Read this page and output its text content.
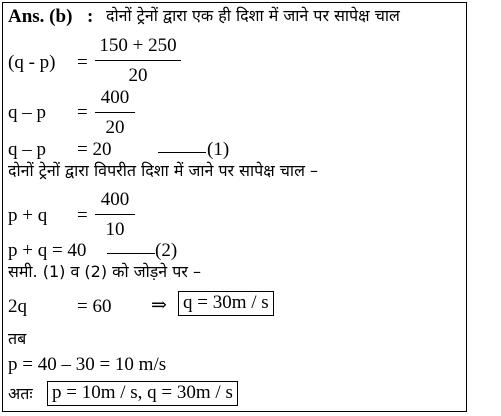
Ans. (b) : दोनों ट्रेनों द्वारा एक ही दिशा में जाने पर सापेक्ष चाल
(q - p) =
150 + 250
20
q – p =
400
20
q – p = 20	(1)
दोनों ट्रेनों द्वारा विपरीत दिशा में जाने पर सापेक्ष चाल –
p + q =
400
10
p + q = 40	(2)
समी. (1) व (2) को जोड़ने पर –
2q	= 60 ⇒ q = 30m / s
तब
p = 40 – 30 = 10 m/s
अतः p = 10m / s, q = 30m / s
